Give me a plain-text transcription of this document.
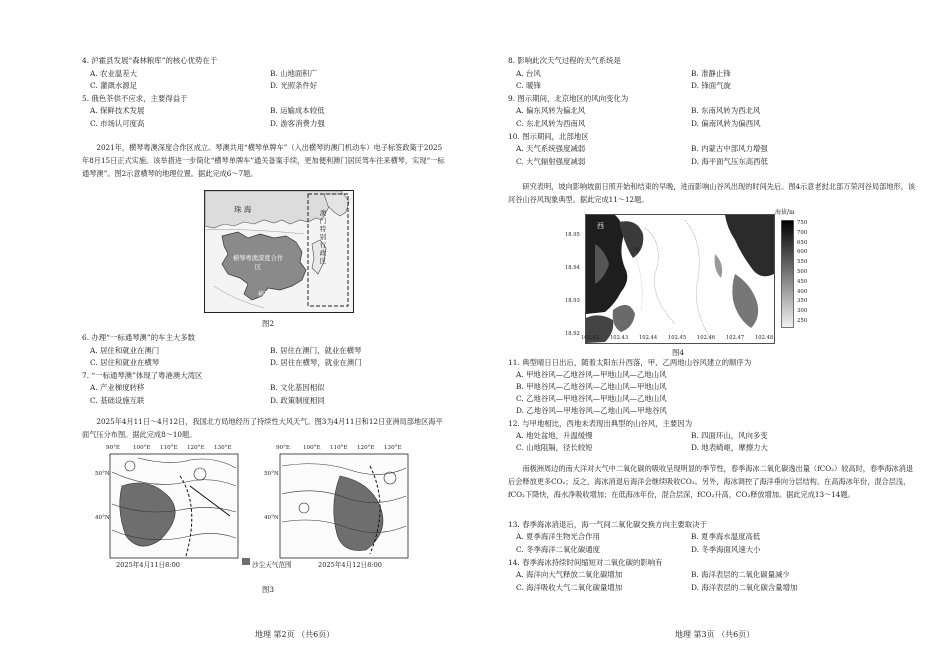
4. 沪霍县发展“森林粮库”的核心优势在于
A. 农业温差大	B. 山地面积广
C. 灌溉水源足	D. 光照条件好
5. 俄色茶供不应求，主要得益于
A. 保鲜技术发展	B. 运输成本较低
C. 市场认可度高	D. 游客消费力强
2021年，横琴粤澳深度合作区成立。琴澳共用“横琴单牌车”（入出横琴的澳门机动车）电子标签政策于2025年8月15日正式实施。该举措进一步简化“横琴单牌车”通关备案手续，更加便利澳门居民驾车往来横琴，实现“一标通琴澳”。图2示意横琴的地理位置。据此完成6～7题。
珠 海
横琴岛
横琴粤澳深度合作区
澳门特别行政区
图2
6. 办理“一标通琴澳”的车主大多数
A. 居住和就业在澳门	B. 居住在澳门，就业在横琴
C. 居住和就业在横琴	D. 居住在横琴，就业在澳门
7. “一标通琴澳”体现了粤港澳大湾区
A. 产业梯度转移	B. 文化基因相似
C. 基础设施互联	D. 政策制度相同
2025年4月11日～4月12日，我国北方局地经历了持续性大风天气。图3为4月11日和12日亚洲局部地区海平面气压分布图。据此完成8～10题。
90°E 100°E 110°E 120°E 130°E	90°E 100°E 110°E 120°E 130°E
50°N
40°N
50°N
40°N
2025年4月11日8:00	2025年4月12日8:00
沙尘天气范围
图3
地理 第2页 （共6页）
8. 影响此次天气过程的天气系统是
A. 台风	B. 准静止锋
C. 暖锋	D. 锋面气旋
9. 图示期间，北京地区的风向变化为
A. 偏东风转为偏北风	B. 东南风转为西北风
C. 东北风转为西南风	D. 偏南风转为偏西风
10. 图示期间，北部地区
A. 天气系统强度减弱	B. 内蒙古中部风力增强
C. 大气辐射强度减弱	D. 海平面气压东高西低
研究表明，坡向影响坡面日照开始和结束的早晚，进而影响山谷风出现的时间先后。图4示意老挝北部万荣河谷局部地形，该河谷山谷风现象典型。据此完成11～12题。
西
甲
乙
海拔/m
750
700
650
600
550
500
450
400
350
300
250
102.42 102.43 102.44 102.45 102.46 102.47 102.48
18.95
18.94
18.93
18.92
图4
11. 典型晴日日出后，随着太阳东升西落，甲、乙两地山谷风建立的顺序为
A. 甲地谷风—乙地谷风—甲地山风—乙地山风
B. 甲地谷风—乙地谷风—乙地山风—甲地山风
C. 乙地谷风—甲地谷风—甲地山风—乙地山风
D. 乙地谷风—甲地谷风—乙地山风—甲地谷风
12. 与甲地相比，西地未表现出典型的山谷风，主要因为
A. 地处盆地，升温缓慢	B. 四面环山，风向多变
C. 山地阻隔，径长较短	D. 地表崎岖，摩擦力大
南极洲周边的南大洋对大气中二氧化碳的吸收呈现明显的季节性，春季海冰二氧化碳逸出量（fCO₂）较高时，春季海冰消退后会释放更多CO₂；反之，海冰消退后海洋会继续吸收CO₂。另外，海冰调控了海洋垂向分层结构。在高海冰年份，混合层浅，fCO₂下降快，海水净吸收增加；在低海冰年份，混合层深，fCO₂升高，CO₂释放增加。据此完成13～14题。
13. 春季海冰消退后，海一气间二氧化碳交换方向主要取决于
A. 夏季海洋生物光合作用	B. 夏季海水温度高低
C. 冬季海洋二氧化碳通度	D. 冬季海面风速大小
14. 春季海冰持续时间缩短对二氧化碳的影响有
A. 海洋向大气释放二氧化碳增加	B. 海洋表层的二氧化碳量减少
C. 海洋吸收大气二氧化碳量增加	D. 海洋表层的二氧化碳含量增加
地理 第3页 （共6页）
